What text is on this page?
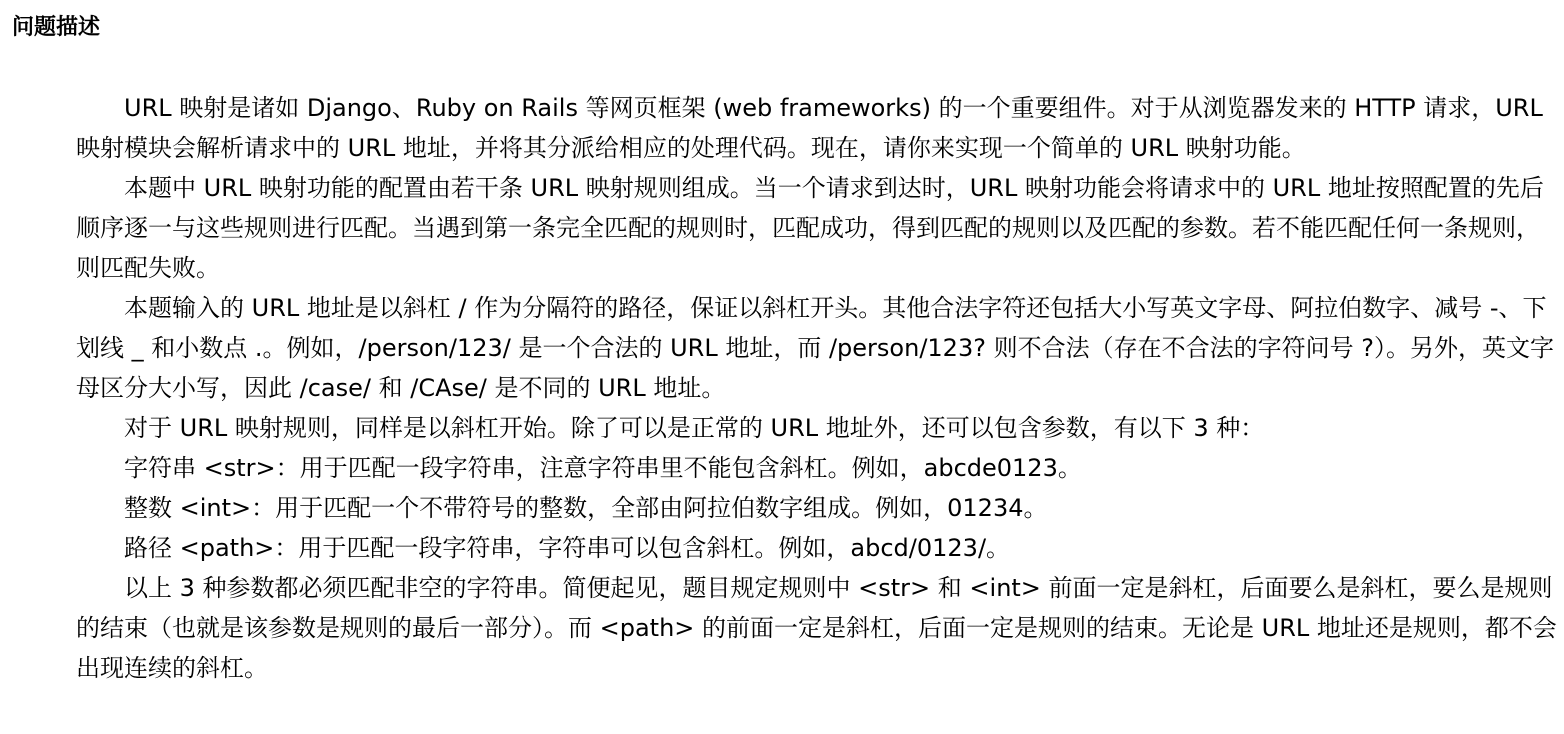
问题描述

URL 映射是诸如 Django、Ruby on Rails 等网页框架 (web frameworks) 的一个重要组件。对于从浏览器发来的 HTTP 请求，URL 映射模块会解析请求中的 URL 地址，并将其分派给相应的处理代码。现在，请你来实现一个简单的 URL 映射功能。

本题中 URL 映射功能的配置由若干条 URL 映射规则组成。当一个请求到达时，URL 映射功能会将请求中的 URL 地址按照配置的先后顺序逐一与这些规则进行匹配。当遇到第一条完全匹配的规则时，匹配成功，得到匹配的规则以及匹配的参数。若不能匹配任何一条规则，则匹配失败。

本题输入的 URL 地址是以斜杠 / 作为分隔符的路径，保证以斜杠开头。其他合法字符还包括大小写英文字母、阿拉伯数字、减号 -、下划线 _ 和小数点 .。例如，/person/123/ 是一个合法的 URL 地址，而 /person/123? 则不合法（存在不合法的字符问号 ?）。另外，英文字母区分大小写，因此 /case/ 和 /CAse/ 是不同的 URL 地址。

对于 URL 映射规则，同样是以斜杠开始。除了可以是正常的 URL 地址外，还可以包含参数，有以下 3 种：

字符串 <str>：用于匹配一段字符串，注意字符串里不能包含斜杠。例如，abcde0123。

整数 <int>：用于匹配一个不带符号的整数，全部由阿拉伯数字组成。例如，01234。

路径 <path>：用于匹配一段字符串，字符串可以包含斜杠。例如，abcd/0123/。

以上 3 种参数都必须匹配非空的字符串。简便起见，题目规定规则中 <str> 和 <int> 前面一定是斜杠，后面要么是斜杠，要么是规则的结束（也就是该参数是规则的最后一部分）。而 <path> 的前面一定是斜杠，后面一定是规则的结束。无论是 URL 地址还是规则，都不会出现连续的斜杠。
